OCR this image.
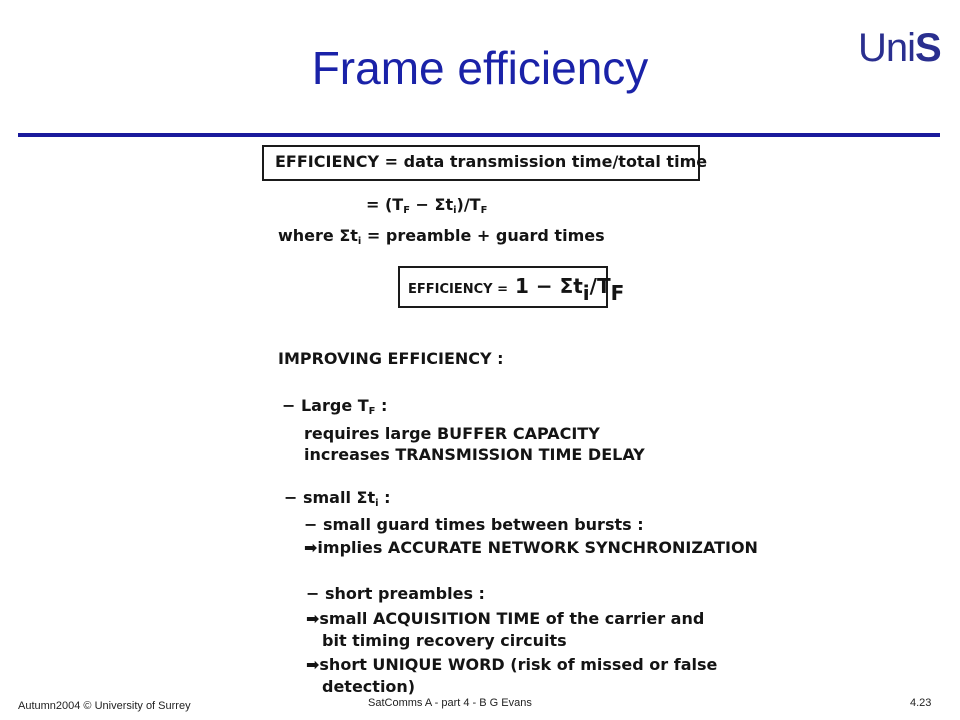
Frame efficiency	UniS
EFFICIENCY = data transmission time/total time
= $(T_F - \Sigma t_i)/T_F$
where $\Sigma t_i$ = preamble + guard times
EFFICIENCY = 1 − Σti/TF
IMPROVING EFFICIENCY :
− Large $T_F$ :
requires large BUFFER CAPACITY
increases TRANSMISSION TIME DELAY
− small $\Sigma t_i$ :
− small guard times between bursts :
➡implies ACCURATE NETWORK SYNCHRONIZATION
− short preambles :
➡small ACQUISITION TIME of the carrier and
bit timing recovery circuits
➡short UNIQUE WORD (risk of missed or false
detection)
Autumn2004 © University of Surrey	SatComms A - part 4 - B G Evans	4.23
